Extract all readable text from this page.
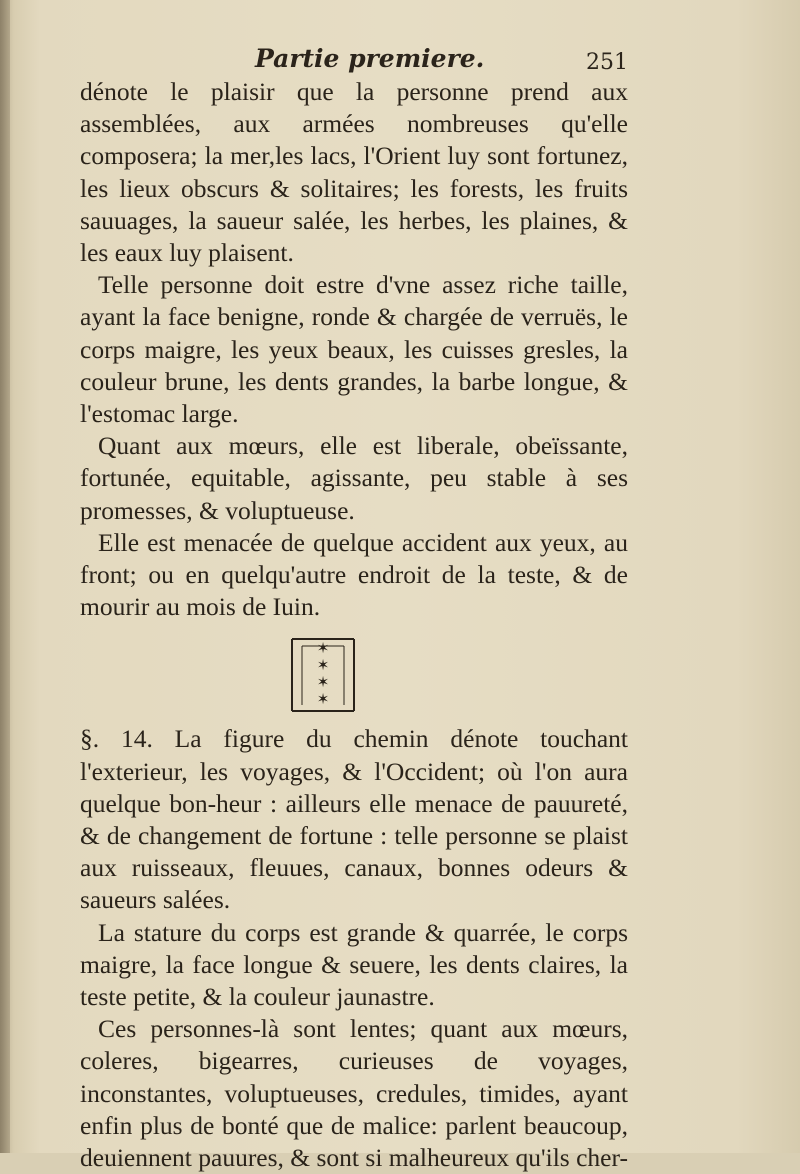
Partie premiere.	251

dénote le plaisir que la personne prend aux assemblées, aux armées nombreuses qu'elle composera; la mer,les lacs, l'Orient luy sont fortunez, les lieux obscurs & solitaires; les forests, les fruits sauuages, la saueur salée, les herbes, les plaines, & les eaux luy plaisent.

Telle personne doit estre d'vne assez riche taille, ayant la face benigne, ronde & chargée de verruës, le corps maigre, les yeux beaux, les cuisses gresles, la couleur brune, les dents grandes, la barbe longue, & l'estomac large.

Quant aux mœurs, elle est liberale, obeïssante, fortunée, equitable, agissante, peu stable à ses promesses, & voluptueuse.

Elle est menacée de quelque accident aux yeux, au front; ou en quelqu'autre endroit de la teste, & de mourir au mois de Iuin.

✶
✶
✶
✶

§. 14. La figure du chemin dénote touchant l'exterieur, les voyages, & l'Occident; où l'on aura quelque bon-heur : ailleurs elle menace de pauureté, & de changement de fortune : telle personne se plaist aux ruisseaux, fleuues, canaux, bonnes odeurs & saueurs salées.

La stature du corps est grande & quarrée, le corps maigre, la face longue & seuere, les dents claires, la teste petite, & la couleur jaunastre.

Ces personnes-là sont lentes; quant aux mœurs, coleres, bigearres, curieuses de voyages, inconstantes, voluptueuses, credules, timides, ayant enfin plus de bonté que de malice: parlent beaucoup, deuiennent pauures, & sont si malheureux qu'ils cher-
